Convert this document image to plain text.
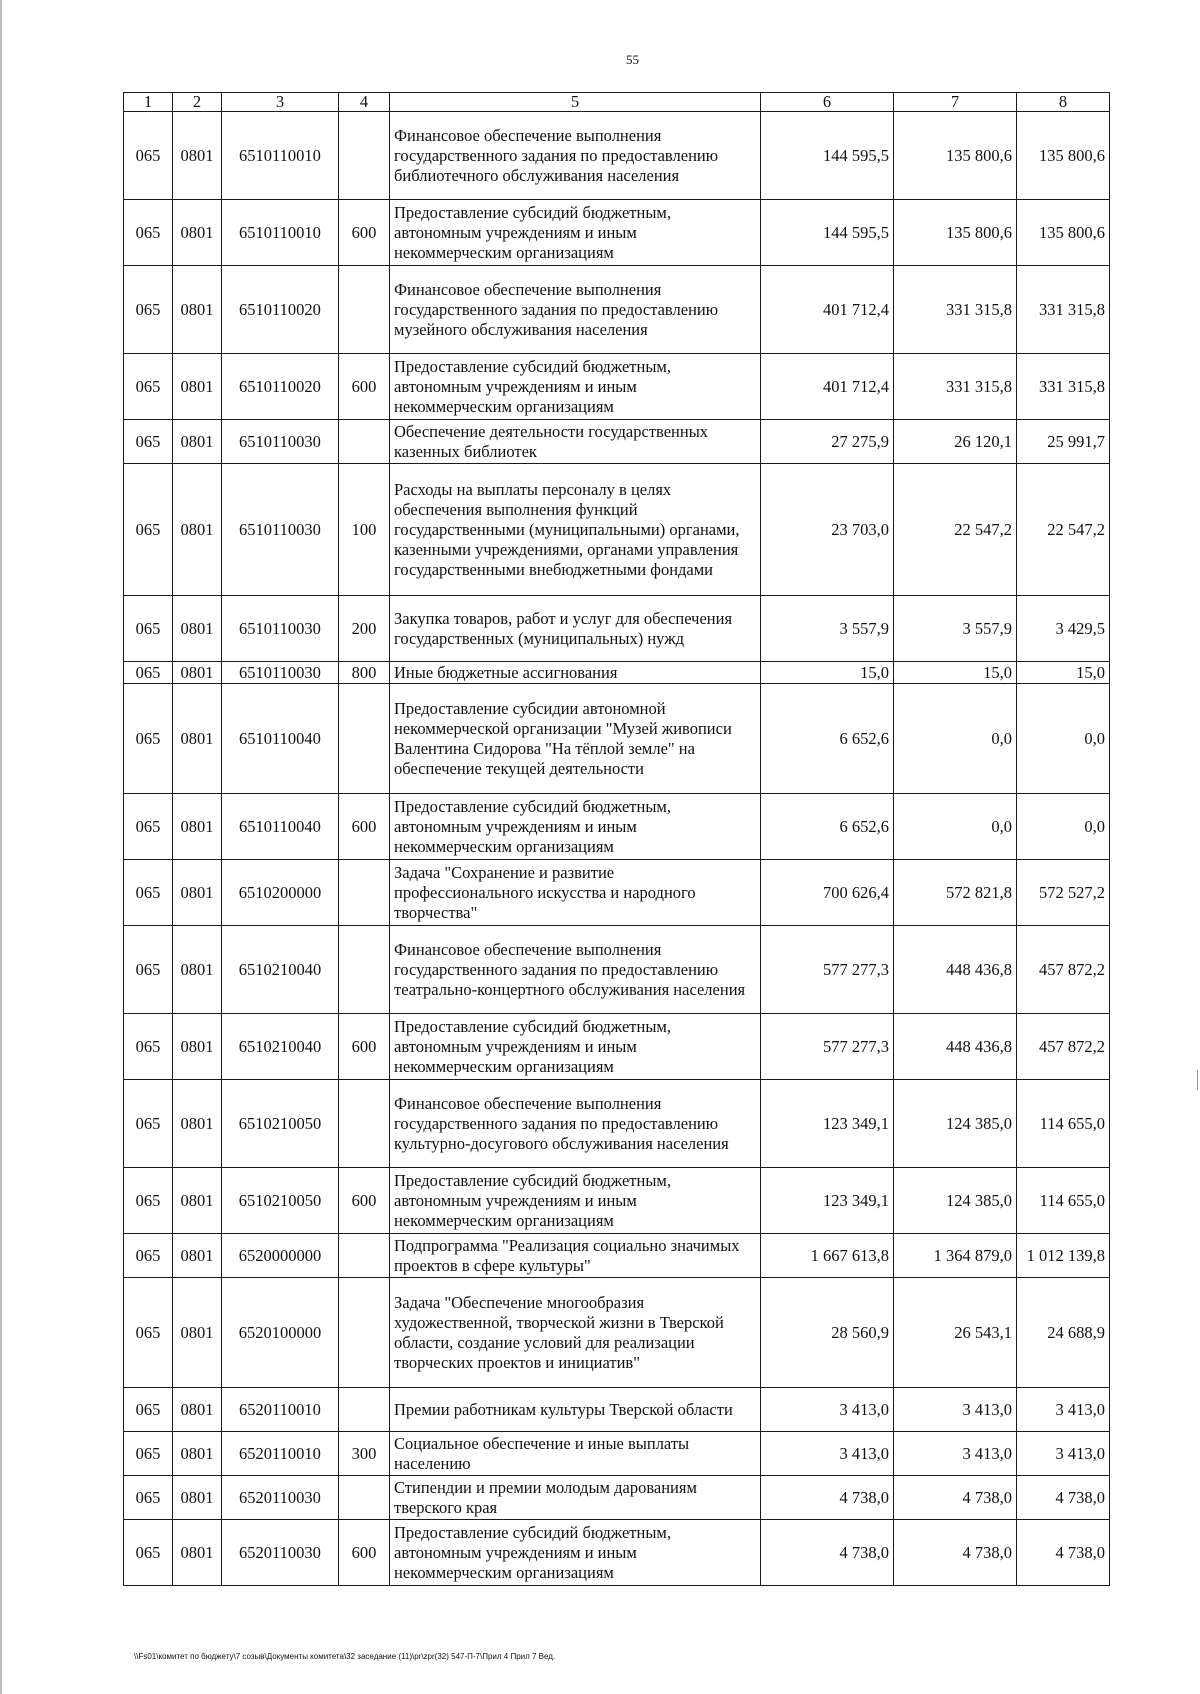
55
1	2	3	4	5	6	7	8
065	0801	6510110010		Финансовое обеспечение выполнения государственного задания по предоставлению библиотечного обслуживания населения	144 595,5	135 800,6	135 800,6
065	0801	6510110010	600	Предоставление субсидий бюджетным, автономным учреждениям и иным некоммерческим организациям	144 595,5	135 800,6	135 800,6
065	0801	6510110020		Финансовое обеспечение выполнения государственного задания по предоставлению музейного обслуживания населения	401 712,4	331 315,8	331 315,8
065	0801	6510110020	600	Предоставление субсидий бюджетным, автономным учреждениям и иным некоммерческим организациям	401 712,4	331 315,8	331 315,8
065	0801	6510110030		Обеспечение деятельности государственных казенных библиотек	27 275,9	26 120,1	25 991,7
065	0801	6510110030	100	Расходы на выплаты персоналу в целях обеспечения выполнения функций государственными (муниципальными) органами, казенными учреждениями, органами управления государственными внебюджетными фондами	23 703,0	22 547,2	22 547,2
065	0801	6510110030	200	Закупка товаров, работ и услуг для обеспечения государственных (муниципальных) нужд	3 557,9	3 557,9	3 429,5
065	0801	6510110030	800	Иные бюджетные ассигнования	15,0	15,0	15,0
065	0801	6510110040		Предоставление субсидии автономной некоммерческой организации "Музей живописи Валентина Сидорова "На тёплой земле" на обеспечение текущей деятельности	6 652,6	0,0	0,0
065	0801	6510110040	600	Предоставление субсидий бюджетным, автономным учреждениям и иным некоммерческим организациям	6 652,6	0,0	0,0
065	0801	6510200000		Задача "Сохранение и развитие профессионального искусства и народного творчества"	700 626,4	572 821,8	572 527,2
065	0801	6510210040		Финансовое обеспечение выполнения государственного задания по предоставлению театрально-концертного обслуживания населения	577 277,3	448 436,8	457 872,2
065	0801	6510210040	600	Предоставление субсидий бюджетным, автономным учреждениям и иным некоммерческим организациям	577 277,3	448 436,8	457 872,2
065	0801	6510210050		Финансовое обеспечение выполнения государственного задания по предоставлению культурно-досугового обслуживания населения	123 349,1	124 385,0	114 655,0
065	0801	6510210050	600	Предоставление субсидий бюджетным, автономным учреждениям и иным некоммерческим организациям	123 349,1	124 385,0	114 655,0
065	0801	6520000000		Подпрограмма "Реализация социально значимых проектов в сфере культуры"	1 667 613,8	1 364 879,0	1 012 139,8
065	0801	6520100000		Задача "Обеспечение многообразия художественной, творческой жизни в Тверской области, создание условий для реализации творческих проектов и инициатив"	28 560,9	26 543,1	24 688,9
065	0801	6520110010		Премии работникам культуры Тверской области	3 413,0	3 413,0	3 413,0
065	0801	6520110010	300	Социальное обеспечение и иные выплаты населению	3 413,0	3 413,0	3 413,0
065	0801	6520110030		Стипендии и премии молодым дарованиям тверского края	4 738,0	4 738,0	4 738,0
065	0801	6520110030	600	Предоставление субсидий бюджетным, автономным учреждениям и иным некоммерческим организациям	4 738,0	4 738,0	4 738,0
\\Fs01\комитет по бюджету\7 созыв\Документы комитета\32 заседание (11)\pr\zpr(32) 547-П-7\Прил 4 Прил 7 Вед.
